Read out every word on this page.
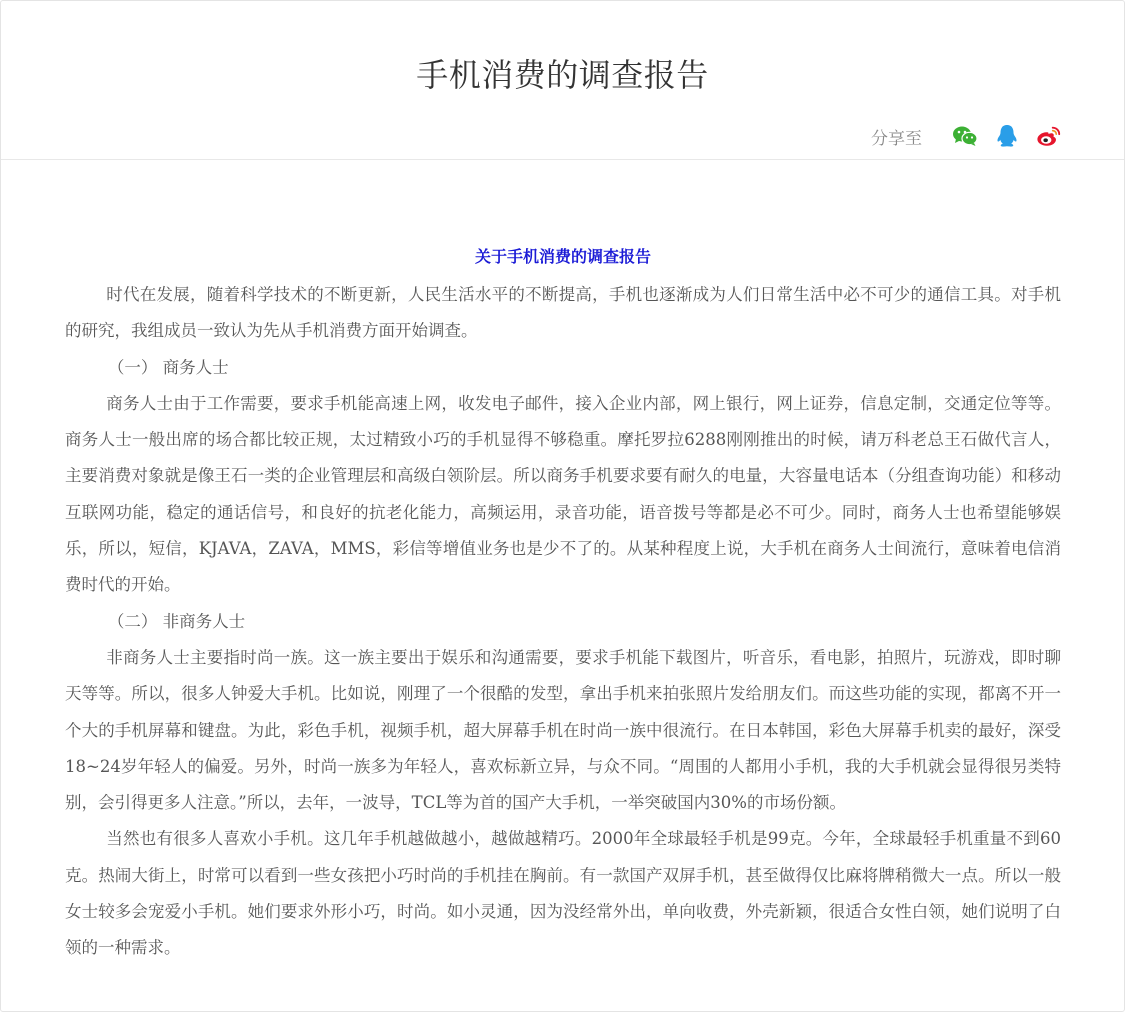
手机消费的调查报告
分享至
关于手机消费的调查报告

时代在发展，随着科学技术的不断更新，人民生活水平的不断提高，手机也逐渐成为人们日常生活中必不可少的通信工具。对手机的研究，我组成员一致认为先从手机消费方面开始调查。

（一） 商务人士

商务人士由于工作需要，要求手机能高速上网，收发电子邮件，接入企业内部，网上银行，网上证券，信息定制，交通定位等等。商务人士一般出席的场合都比较正规，太过精致小巧的手机显得不够稳重。摩托罗拉6288刚刚推出的时候，请万科老总王石做代言人，主要消费对象就是像王石一类的企业管理层和高级白领阶层。所以商务手机要求要有耐久的电量，大容量电话本（分组查询功能）和移动互联网功能，稳定的通话信号，和良好的抗老化能力，高频运用，录音功能，语音拨号等都是必不可少。同时，商务人士也希望能够娱乐，所以，短信，KJAVA，ZAVA，MMS，彩信等增值业务也是少不了的。从某种程度上说，大手机在商务人士间流行，意味着电信消费时代的开始。

（二） 非商务人士

非商务人士主要指时尚一族。这一族主要出于娱乐和沟通需要，要求手机能下载图片，听音乐，看电影，拍照片，玩游戏，即时聊天等等。所以，很多人钟爱大手机。比如说，刚理了一个很酷的发型，拿出手机来拍张照片发给朋友们。而这些功能的实现，都离不开一个大的手机屏幕和键盘。为此，彩色手机，视频手机，超大屏幕手机在时尚一族中很流行。在日本韩国，彩色大屏幕手机卖的最好，深受18~24岁年轻人的偏爱。另外，时尚一族多为年轻人，喜欢标新立异，与众不同。“周围的人都用小手机，我的大手机就会显得很另类特别，会引得更多人注意。”所以，去年，一波导，TCL等为首的国产大手机，一举突破国内30%的市场份额。

当然也有很多人喜欢小手机。这几年手机越做越小，越做越精巧。2000年全球最轻手机是99克。今年，全球最轻手机重量不到60克。热闹大街上，时常可以看到一些女孩把小巧时尚的手机挂在胸前。有一款国产双屏手机，甚至做得仅比麻将牌稍微大一点。所以一般女士较多会宠爱小手机。她们要求外形小巧，时尚。如小灵通，因为没经常外出，单向收费，外壳新颖，很适合女性白领，她们说明了白领的一种需求。
